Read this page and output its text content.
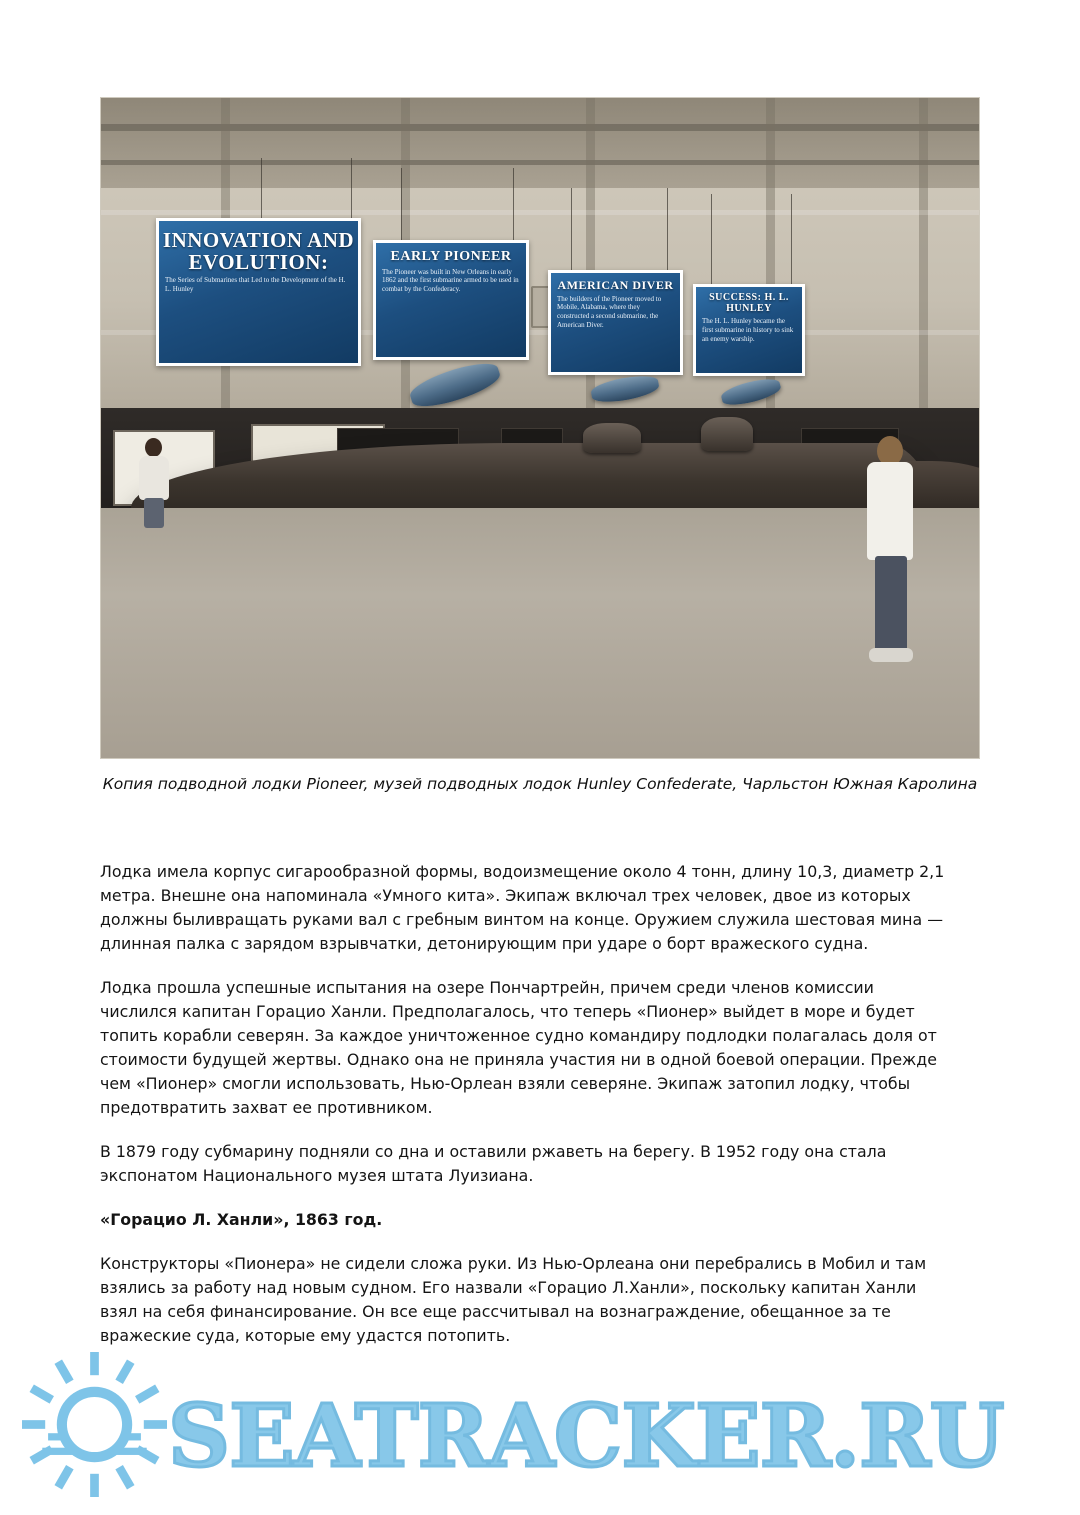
INNOVATION AND EVOLUTION:
The Series of Submarines that Led to the Development of the H. L. Hunley
EARLY PIONEER
The Pioneer was built in New Orleans in early 1862 and the first submarine armed to be used in combat by the Confederacy.	AMERICAN DIVER
The builders of the Pioneer moved to Mobile, Alabama, where they constructed a second submarine, the American Diver.
SUCCESS: H. L. HUNLEY
The H. L. Hunley became the first submarine in history to sink an enemy warship.
Копия подводной лодки Pioneer, музей подводных лодок Hunley Confederate, Чарльстон Южная Каролина

Лодка имела корпус сигарообразной формы, водоизмещение около 4 тонн, длину 10,3, диаметр 2,1 метра. Внешне она напоминала «Умного кита». Экипаж включал трех человек, двое из которых должны быливращать руками вал с гребным винтом на конце. Оружием служила шестовая мина — длинная палка с зарядом взрывчатки, детонирующим при ударе о борт вражеского судна.

Лодка прошла успешные испытания на озере Пончартрейн, причем среди членов комиссии числился капитан Горацио Ханли. Предполагалось, что теперь «Пионер» выйдет в море и будет топить корабли северян. За каждое уничтоженное судно командиру подлодки полагалась доля от стоимости будущей жертвы. Однако она не приняла участия ни в одной боевой операции. Прежде чем «Пионер» смогли использовать, Нью-Орлеан взяли северяне. Экипаж затопил лодку, чтобы предотвратить захват ее противником.

В 1879 году субмарину подняли со дна и оставили ржаветь на берегу. В 1952 году она стала экспонатом Национального музея штата Луизиана.

«Горацио Л. Ханли», 1863 год.

Конструкторы «Пионера» не сидели сложа руки. Из Нью-Орлеана они перебрались в Мобил и там взялись за работу над новым судном. Его назвали «Горацио Л.Ханли», поскольку капитан Ханли взял на себя финансирование. Он все еще рассчитывал на вознаграждение, обещанное за те вражеские суда, которые ему удастся потопить.

SEATRACKER.RU
